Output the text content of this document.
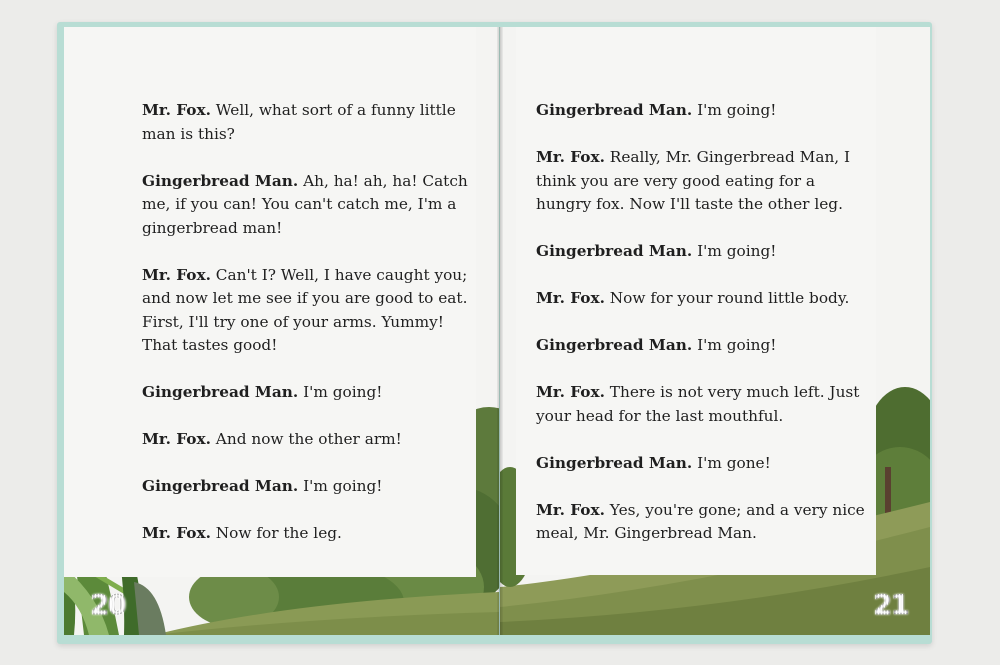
Mr. Fox. Well, what sort of a funny little man is this?

Gingerbread Man. Ah, ha! ah, ha! Catch me, if you can! You can't catch me, I'm a gingerbread man!

Mr. Fox. Can't I? Well, I have caught you; and now let me see if you are good to eat. First, I'll try one of your arms. Yummy! That tastes good!

Gingerbread Man. I'm going!

Mr. Fox. And now the other arm!

Gingerbread Man. I'm going!

Mr. Fox. Now for the leg.

20

Gingerbread Man. I'm going!

Mr. Fox. Really, Mr. Gingerbread Man, I think you are very good eating for a hungry fox. Now I'll taste the other leg.

Gingerbread Man. I'm going!

Mr. Fox. Now for your round little body.

Gingerbread Man. I'm going!

Mr. Fox. There is not very much left. Just your head for the last mouthful.

Gingerbread Man. I'm gone!

Mr. Fox. Yes, you're gone; and a very nice meal, Mr. Gingerbread Man.

21
